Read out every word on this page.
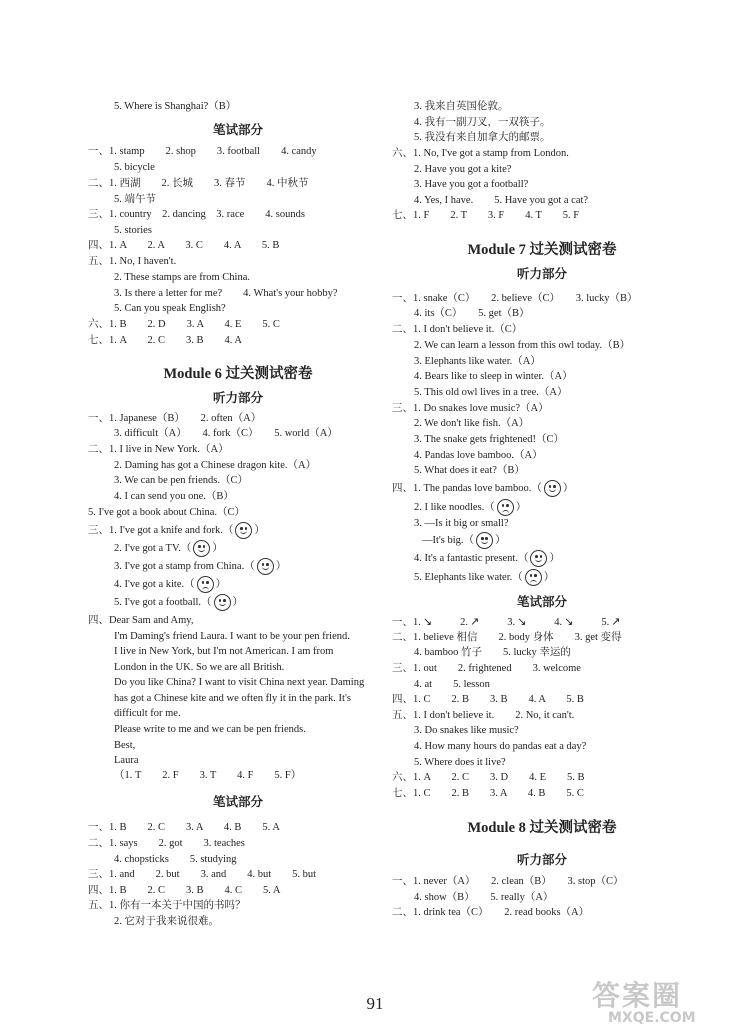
5. Where is Shanghai?（B）
笔试部分
一、1. stamp　　2. shop　　3. football　　4. candy
5. bicycle
二、1. 西湖　　2. 长城　　3. 春节　　4. 中秋节
5. 端午节
三、1. country　2. dancing　3. race　　4. sounds
5. stories
四、1. A　　2. A　　3. C　　4. A　　5. B
五、1. No, I haven't.
2. These stamps are from China.
3. Is there a letter for me?　　4. What's your hobby?
5. Can you speak English?
六、1. B　　2. D　　3. A　　4. E　　5. C
七、1. A　　2. C　　3. B　　4. A
Module 6 过关测试密卷
听力部分
一、1. Japanese（B）　　2. often（A）
3. difficult（A）　　4. fork（C）　　5. world（A）
二、1. I live in New York.（A）
2. Daming has got a Chinese dragon kite.（A）
3. We can be pen friends.（C）
4. I can send you one.（B）
5. I've got a book about China.（C）
三、1. I've got a knife and fork.（ ）
2. I've got a TV.（ ）
3. I've got a stamp from China.（ ）
4. I've got a kite.（ ）
5. I've got a football.（ ）
四、Dear Sam and Amy,
I'm Daming's friend Laura. I want to be your pen friend.
I live in New York, but I'm not American. I am from
London in the UK. So we are all British.
Do you like China? I want to visit China next year. Daming
has got a Chinese kite and we often fly it in the park. It's
difficult for me.
Please write to me and we can be pen friends.
Best,
Laura
（1. T　　2. F　　3. T　　4. F　　5. F）
笔试部分
一、1. B　　2. C　　3. A　　4. B　　5. A
二、1. says　　2. got　　3. teaches
4. chopsticks　　5. studying
三、1. and　　2. but　　3. and　　4. but　　5. but
四、1. B　　2. C　　3. B　　4. C　　5. A
五、1. 你有一本关于中国的书吗？
2. 它对于我来说很难。
3. 我来自英国伦敦。
4. 我有一副刀叉，一双筷子。
5. 我没有来自加拿大的邮票。
六、1. No, I've got a stamp from London.
2. Have you got a kite?
3. Have you got a football?
4. Yes, I have.　　5. Have you got a cat?
七、1. F　　2. T　　3. F　　4. T　　5. F
Module 7 过关测试密卷
听力部分
一、1. snake（C）　　2. believe（C）　　3. lucky（B）
4. its（C）　　5. get（B）
二、1. I don't believe it.（C）
2. We can learn a lesson from this owl today.（B）
3. Elephants like water.（A）
4. Bears like to sleep in winter.（A）
5. This old owl lives in a tree.（A）
三、1. Do snakes love music?（A）
2. We don't like fish.（A）
3. The snake gets frightened!（C）
4. Pandas love bamboo.（A）
5. What does it eat?（B）
四、1. The pandas love bamboo.（ ）
2. I like noodles.（ ）
3. —Is it big or small?
—It's big.（ ）
4. It's a fantastic present.（ ）
5. Elephants like water.（ ）
笔试部分
一、1. ↘	2. ↗	3. ↘	4. ↘	5. ↗
二、1. believe 相信　　2. body 身体　　3. get 变得
4. bamboo 竹子　　5. lucky 幸运的
三、1. out　　2. frightened　　3. welcome
4. at　　5. lesson
四、1. C　　2. B　　3. B　　4. A　　5. B
五、1. I don't believe it.　　2. No, it can't.
3. Do snakes like music?
4. How many hours do pandas eat a day?
5. Where does it live?
六、1. A　　2. C　　3. D　　4. E　　5. B
七、1. C　　2. B　　3. A　　4. B　　5. C
Module 8 过关测试密卷
听力部分
一、1. never（A）　　2. clean（B）　　3. stop（C）
4. show（B）　　5. really（A）
二、1. drink tea（C）　　2. read books（A）
91	答案圈
MXQE.COM
